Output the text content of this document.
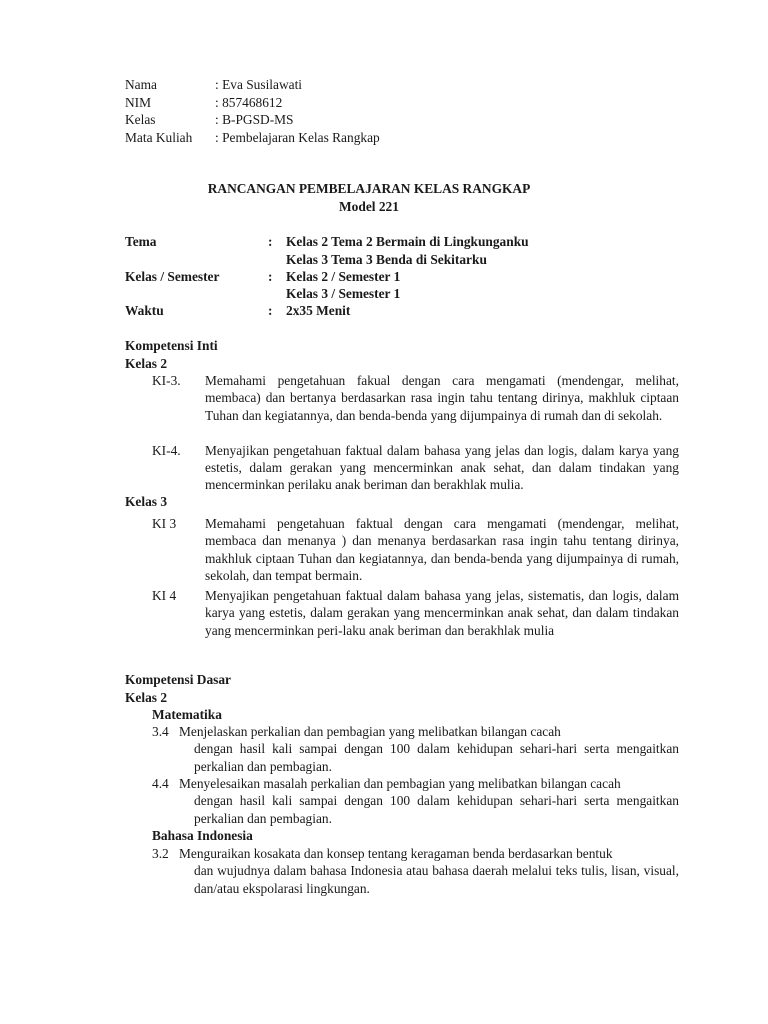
Nama	: Eva Susilawati
NIM	: 857468612
Kelas	: B-PGSD-MS
Mata Kuliah : Pembelajaran Kelas Rangkap
RANCANGAN PEMBELAJARAN KELAS RANGKAP
Model 221
Tema	: Kelas 2 Tema 2 Bermain di Lingkunganku
Kelas 3 Tema 3 Benda di Sekitarku
Kelas / Semester	: Kelas 2 / Semester 1
Kelas 3 / Semester 1
Waktu	: 2x35 Menit
Kompetensi Inti
Kelas 2
KI-3. Memahami pengetahuan fakual dengan cara mengamati (mendengar, melihat, membaca) dan bertanya berdasarkan rasa ingin tahu tentang dirinya, makhluk ciptaan Tuhan dan kegiatannya, dan benda-benda yang dijumpainya di rumah dan di sekolah.
KI-4. Menyajikan pengetahuan faktual dalam bahasa yang jelas dan logis, dalam karya yang estetis, dalam gerakan yang mencerminkan anak sehat, dan dalam tindakan yang mencerminkan perilaku anak beriman dan berakhlak mulia.
Kelas 3
KI 3 Memahami pengetahuan faktual dengan cara mengamati (mendengar, melihat, membaca dan menanya ) dan menanya berdasarkan rasa ingin tahu tentang dirinya, makhluk ciptaan Tuhan dan kegiatannya, dan benda-benda yang dijumpainya di rumah, sekolah, dan tempat bermain.
KI 4 Menyajikan pengetahuan faktual dalam bahasa yang jelas, sistematis, dan logis, dalam karya yang estetis, dalam gerakan yang mencerminkan anak sehat, dan dalam tindakan yang mencerminkan peri-laku anak beriman dan berakhlak mulia
Kompetensi Dasar
Kelas 2
Matematika
3.4 Menjelaskan perkalian dan pembagian yang melibatkan bilangan cacah
dengan hasil kali sampai dengan 100 dalam kehidupan sehari-hari serta mengaitkan perkalian dan pembagian.
4.4 Menyelesaikan masalah perkalian dan pembagian yang melibatkan bilangan cacah
dengan hasil kali sampai dengan 100 dalam kehidupan sehari-hari serta mengaitkan perkalian dan pembagian.
Bahasa Indonesia
3.2 Menguraikan kosakata dan konsep tentang keragaman benda berdasarkan bentuk
dan wujudnya dalam bahasa Indonesia atau bahasa daerah melalui teks tulis, lisan, visual, dan/atau ekspolarasi lingkungan.
